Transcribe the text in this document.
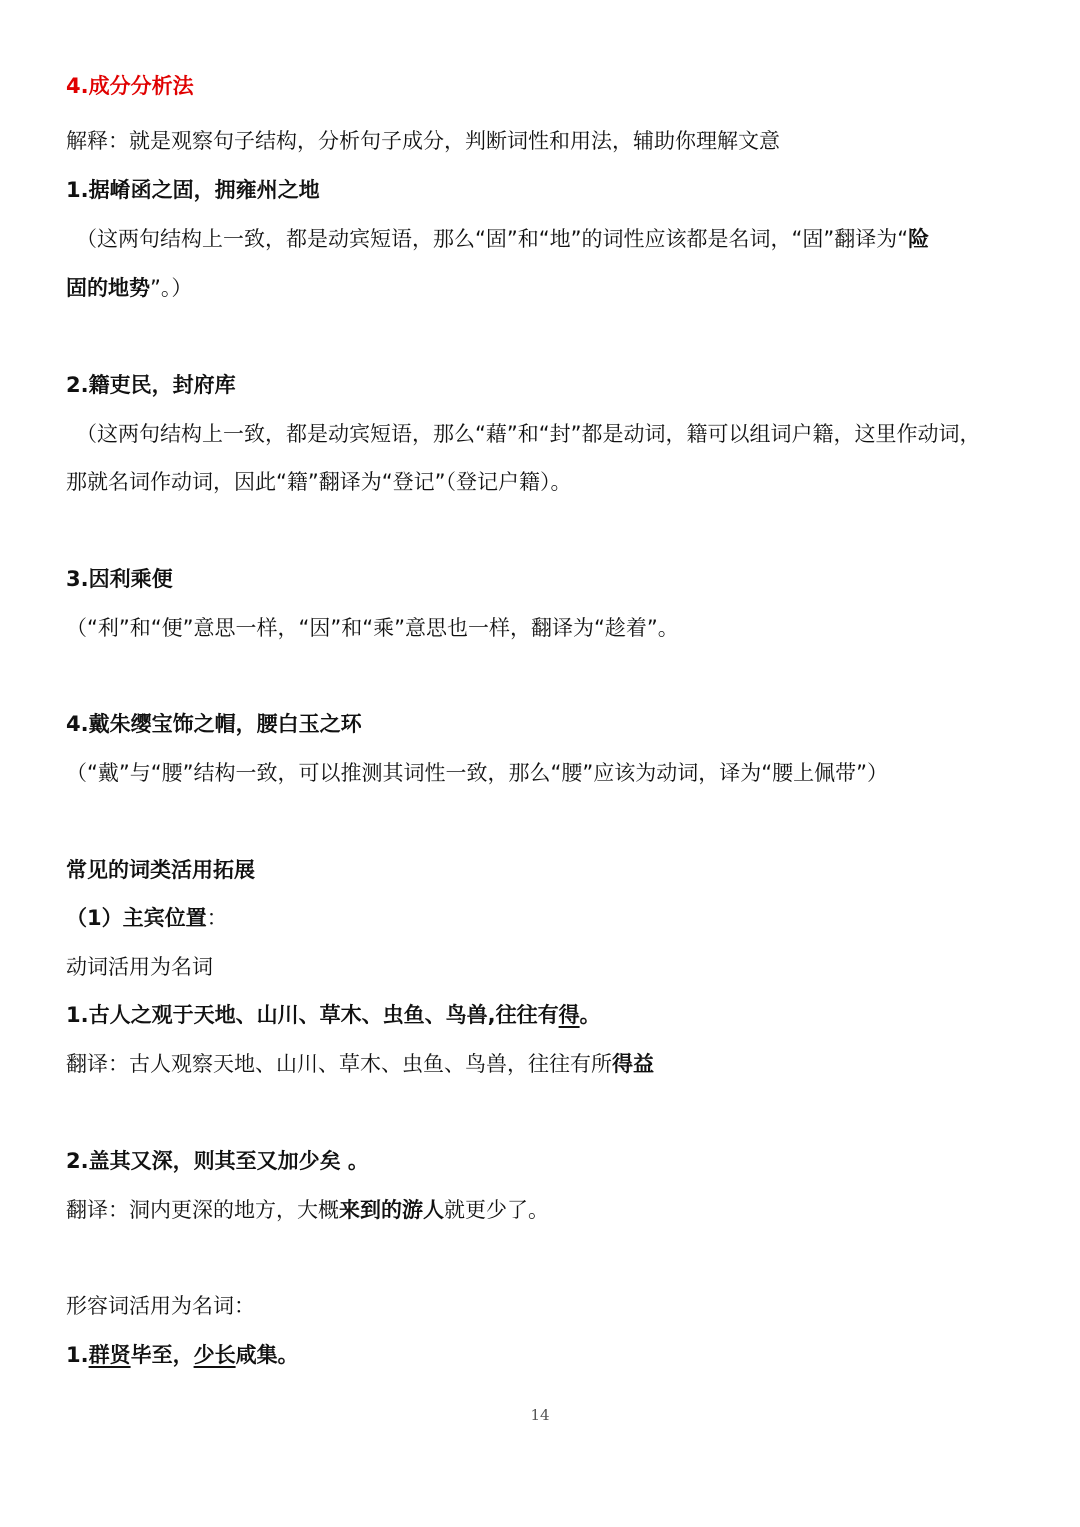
4.成分分析法
解释：就是观察句子结构，分析句子成分，判断词性和用法，辅助你理解文意
1.据崤函之固，拥雍州之地
（这两句结构上一致，都是动宾短语，那么“固”和“地”的词性应该都是名词，“固”翻译为“险
固的地势”。）
2.籍吏民，封府库
（这两句结构上一致，都是动宾短语，那么“藉”和“封”都是动词，籍可以组词户籍，这里作动词，
那就名词作动词，因此“籍”翻译为“登记”（登记户籍）。
3.因利乘便
（“利”和“便”意思一样，“因”和“乘”意思也一样，翻译为“趁着”。
4.戴朱缨宝饰之帽，腰白玉之环
（“戴”与“腰”结构一致，可以推测其词性一致，那么“腰”应该为动词，译为“腰上佩带”）
常见的词类活用拓展
（1）主宾位置：
动词活用为名词
1.古人之观于天地、山川、草木、虫鱼、鸟兽,往往有得。
翻译：古人观察天地、山川、草木、虫鱼、鸟兽，往往有所得益
2.盖其又深，则其至又加少矣 。
翻译：洞内更深的地方，大概来到的游人就更少了。
形容词活用为名词：
1.群贤毕至，少长咸集。
14
